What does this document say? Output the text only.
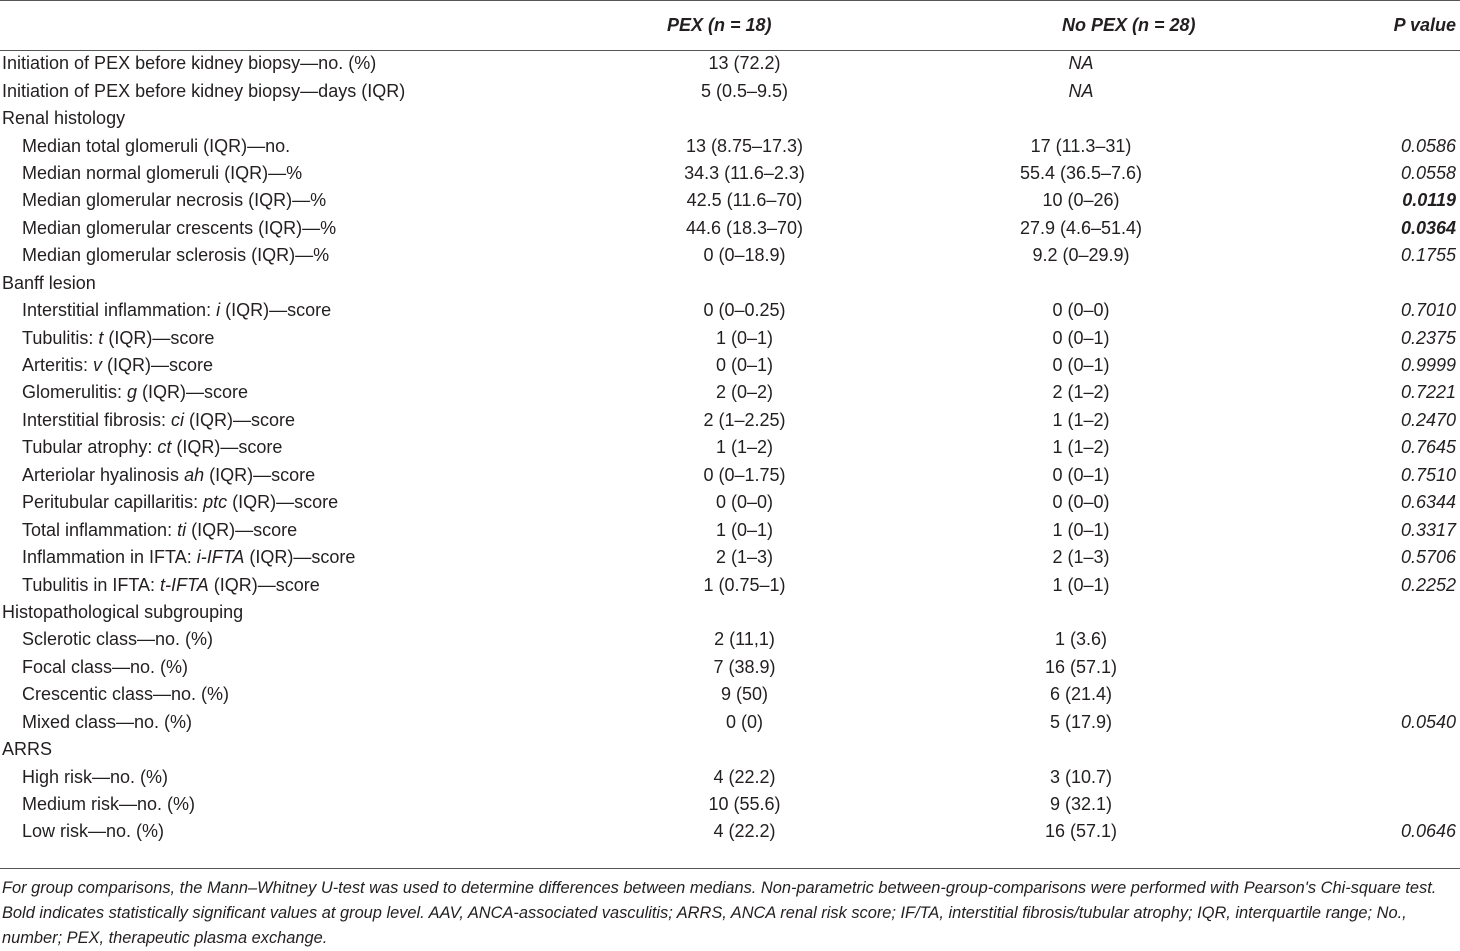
	PEX (n = 18)	No PEX (n = 28)	P value
Initiation of PEX before kidney biopsy—no. (%)	13 (72.2)	NA	
Initiation of PEX before kidney biopsy—days (IQR)	5 (0.5–9.5)	NA	
Renal histology			
Median total glomeruli (IQR)—no.	13 (8.75–17.3)	17 (11.3–31)	0.0586
Median normal glomeruli (IQR)—%	34.3 (11.6–2.3)	55.4 (36.5–7.6)	0.0558
Median glomerular necrosis (IQR)—%	42.5 (11.6–70)	10 (0–26)	0.0119
Median glomerular crescents (IQR)—%	44.6 (18.3–70)	27.9 (4.6–51.4)	0.0364
Median glomerular sclerosis (IQR)—%	0 (0–18.9)	9.2 (0–29.9)	0.1755
Banff lesion			
Interstitial inflammation: i (IQR)—score	0 (0–0.25)	0 (0–0)	0.7010
Tubulitis: t (IQR)—score	1 (0–1)	0 (0–1)	0.2375
Arteritis: v (IQR)—score	0 (0–1)	0 (0–1)	0.9999
Glomerulitis: g (IQR)—score	2 (0–2)	2 (1–2)	0.7221
Interstitial fibrosis: ci (IQR)—score	2 (1–2.25)	1 (1–2)	0.2470
Tubular atrophy: ct (IQR)—score	1 (1–2)	1 (1–2)	0.7645
Arteriolar hyalinosis ah (IQR)—score	0 (0–1.75)	0 (0–1)	0.7510
Peritubular capillaritis: ptc (IQR)—score	0 (0–0)	0 (0–0)	0.6344
Total inflammation: ti (IQR)—score	1 (0–1)	1 (0–1)	0.3317
Inflammation in IFTA: i-IFTA (IQR)—score	2 (1–3)	2 (1–3)	0.5706
Tubulitis in IFTA: t-IFTA (IQR)—score	1 (0.75–1)	1 (0–1)	0.2252
Histopathological subgrouping			
Sclerotic class—no. (%)	2 (11,1)	1 (3.6)	
Focal class—no. (%)	7 (38.9)	16 (57.1)	
Crescentic class—no. (%)	9 (50)	6 (21.4)	
Mixed class—no. (%)	0 (0)	5 (17.9)	0.0540
ARRS			
High risk—no. (%)	4 (22.2)	3 (10.7)	
Medium risk—no. (%)	10 (55.6)	9 (32.1)	
Low risk—no. (%)	4 (22.2)	16 (57.1)	0.0646

For group comparisons, the Mann–Whitney U-test was used to determine differences between medians. Non-parametric between-group-comparisons were performed with Pearson's Chi-square test. Bold indicates statistically significant values at group level. AAV, ANCA-associated vasculitis; ARRS, ANCA renal risk score; IF/TA, interstitial fibrosis/tubular atrophy; IQR, interquartile range; No., number; PEX, therapeutic plasma exchange.
